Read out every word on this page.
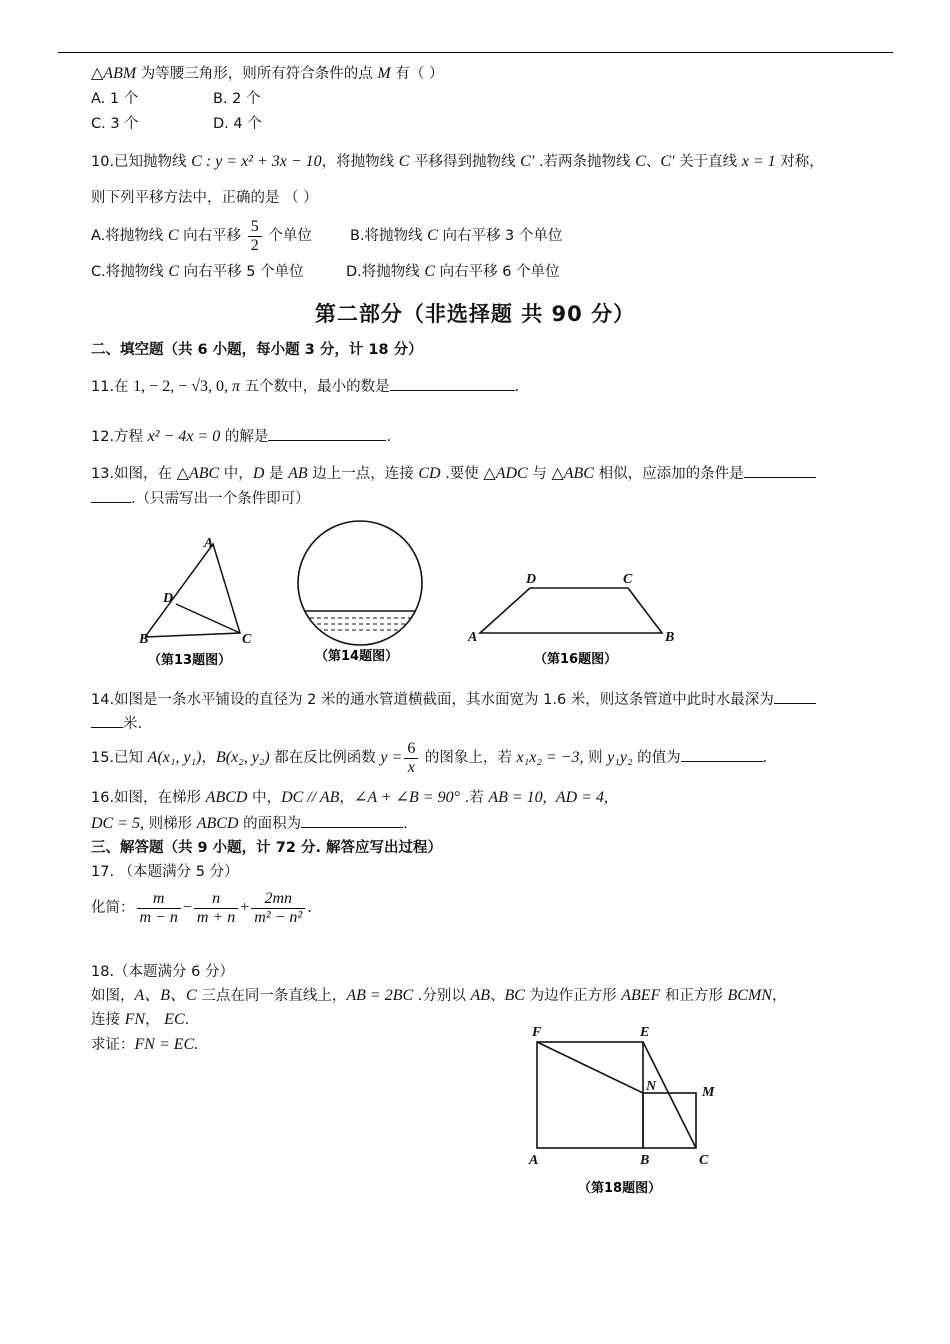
△ABM 为等腰三角形，则所有符合条件的点 M 有（ ）
A. 1 个	B. 2 个
C. 3 个	D. 4 个
10.已知抛物线 C : y = x² + 3x − 10，将抛物线 C 平移得到抛物线 C′ .若两条抛物线 C、C′ 关于直线 x = 1 对称，
则下列平移方法中，正确的是 （ ）
A.将抛物线 C 向右平移 $\frac{5}{2}$ 个单位	B.将抛物线 C 向右平移 3 个单位
C.将抛物线 C 向右平移 5 个单位	D.将抛物线 C 向右平移 6 个单位
第二部分（非选择题 共 90 分）
二、填空题（共 6 小题，每小题 3 分，计 18 分）
11.在 1, − 2, − √3, 0, π 五个数中，最小的数是	.
12.方程 x² − 4x = 0 的解是	.
13.如图，在 △ABC 中，D 是 AB 边上一点，连接 CD .要使 △ADC 与 △ABC 相似，应添加的条件是
.（只需写出一个条件即可）
A
D
B	C
（第13题图）	（第14题图）
D	C
A	B
（第16题图）
14.如图是一条水平铺设的直径为 2 米的通水管道横截面，其水面宽为 1.6 米，则这条管道中此时水最深为
米.
15.已知 A(x₁, y₁)，B(x₂, y₂) 都在反比例函数 $y = \frac{6}{x}$ 的图象上，若 x₁x₂ = −3, 则 y₁y₂ 的值为	.
16.如图，在梯形 ABCD 中，DC // AB，∠A + ∠B = 90° .若 AB = 10, AD = 4,
DC = 5, 则梯形 ABCD 的面积为	.
三、解答题（共 9 小题，计 72 分. 解答应写出过程）
17. （本题满分 5 分）
化简： $\frac{m}{m - n} - \frac{n}{m + n} + \frac{2mn}{\text{m² − n²}}$ .
18.（本题满分 6 分）
如图，A、B、C 三点在同一条直线上，AB = 2BC .分别以 AB、BC 为边作正方形 ABEF 和正方形 BCMN，
连接 FN， EC.
求证：FN = EC.
F	E
N	M
A	B	C
（第18题图）
